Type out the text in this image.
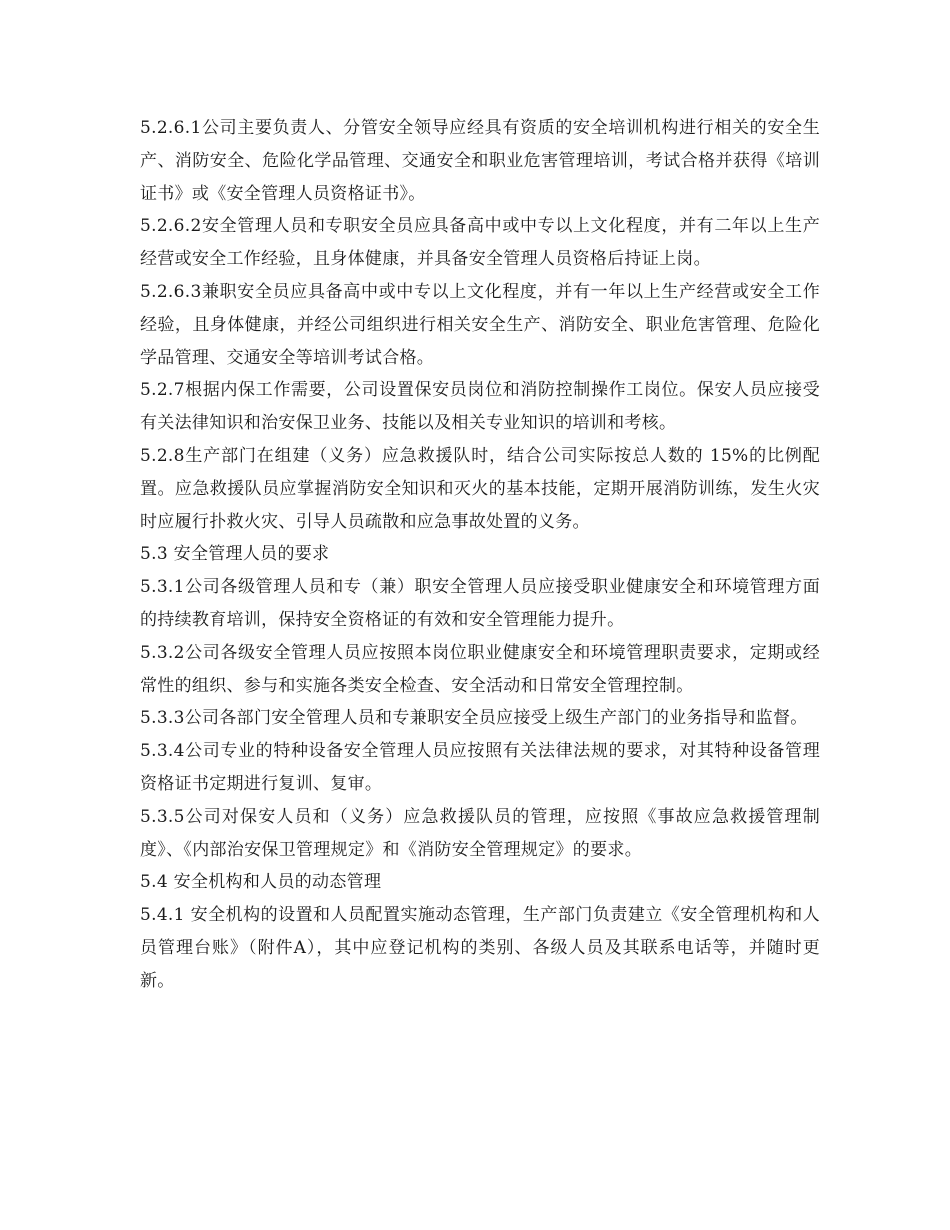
5.2.6.1公司主要负责人、分管安全领导应经具有资质的安全培训机构进行相关的安全生产、消防安全、危险化学品管理、交通安全和职业危害管理培训，考试合格并获得《培训证书》或《安全管理人员资格证书》。

5.2.6.2安全管理人员和专职安全员应具备高中或中专以上文化程度，并有二年以上生产经营或安全工作经验，且身体健康，并具备安全管理人员资格后持证上岗。

5.2.6.3兼职安全员应具备高中或中专以上文化程度，并有一年以上生产经营或安全工作经验，且身体健康，并经公司组织进行相关安全生产、消防安全、职业危害管理、危险化学品管理、交通安全等培训考试合格。

5.2.7根据内保工作需要，公司设置保安员岗位和消防控制操作工岗位。保安人员应接受有关法律知识和治安保卫业务、技能以及相关专业知识的培训和考核。

5.2.8生产部门在组建（义务）应急救援队时，结合公司实际按总人数的 15%的比例配置。应急救援队员应掌握消防安全知识和灭火的基本技能，定期开展消防训练，发生火灾时应履行扑救火灾、引导人员疏散和应急事故处置的义务。

5.3 安全管理人员的要求

5.3.1公司各级管理人员和专（兼）职安全管理人员应接受职业健康安全和环境管理方面的持续教育培训，保持安全资格证的有效和安全管理能力提升。

5.3.2公司各级安全管理人员应按照本岗位职业健康安全和环境管理职责要求，定期或经常性的组织、参与和实施各类安全检查、安全活动和日常安全管理控制。

5.3.3公司各部门安全管理人员和专兼职安全员应接受上级生产部门的业务指导和监督。

5.3.4公司专业的特种设备安全管理人员应按照有关法律法规的要求，对其特种设备管理资格证书定期进行复训、复审。

5.3.5公司对保安人员和（义务）应急救援队员的管理，应按照《事故应急救援管理制度》、《内部治安保卫管理规定》和《消防安全管理规定》的要求。

5.4 安全机构和人员的动态管理

5.4.1 安全机构的设置和人员配置实施动态管理，生产部门负责建立《安全管理机构和人员管理台账》（附件A），其中应登记机构的类别、各级人员及其联系电话等，并随时更新。
